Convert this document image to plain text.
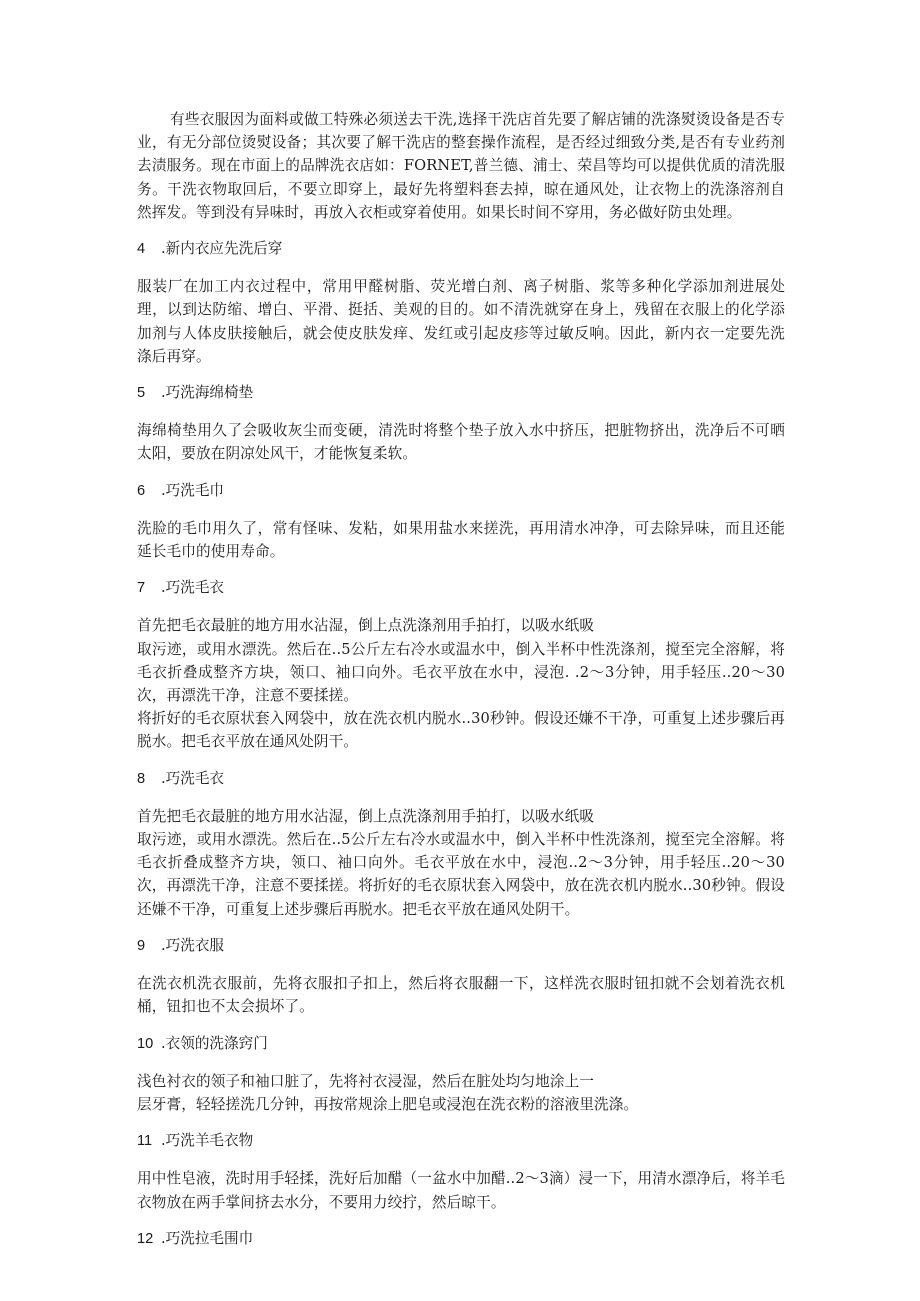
有些衣服因为面料或做工特殊必须送去干洗,选择干洗店首先要了解店铺的洗涤熨烫设备是否专业，有无分部位烫熨设备；其次要了解干洗店的整套操作流程，是否经过细致分类,是否有专业药剂去渍服务。现在市面上的品牌洗衣店如：FORNET,普兰德、浦士、荣昌等均可以提供优质的清洗服务。干洗衣物取回后，不要立即穿上，最好先将塑料套去掉，晾在通风处，让衣物上的洗涤溶剂自然挥发。等到没有异味时，再放入衣柜或穿着使用。如果长时间不穿用，务必做好防虫处理。

4 .新内衣应先洗后穿

服装厂在加工内衣过程中，常用甲醛树脂、荧光增白剂、离子树脂、浆等多种化学添加剂进展处理，以到达防缩、增白、平滑、挺括、美观的目的。如不清洗就穿在身上，残留在衣服上的化学添加剂与人体皮肤接触后，就会使皮肤发痒、发红或引起皮疹等过敏反响。因此，新内衣一定要先洗涤后再穿。

5 .巧洗海绵椅垫

海绵椅垫用久了会吸收灰尘而变硬，清洗时将整个垫子放入水中挤压，把脏物挤出，洗净后不可晒太阳，要放在阴凉处风干，才能恢复柔软。

6 .巧洗毛巾

洗脸的毛巾用久了，常有怪味、发粘，如果用盐水来搓洗，再用清水冲净，可去除异味，而且还能延长毛巾的使用寿命。

7 .巧洗毛衣

首先把毛衣最脏的地方用水沾湿，倒上点洗涤剂用手拍打，以吸水纸吸

取污迹，或用水漂洗。然后在..5公斤左右冷水或温水中，倒入半杯中性洗涤剂，搅至完全溶解，将毛衣折叠成整齐方块，领口、袖口向外。毛衣平放在水中，浸泡. .2～3分钟，用手轻压..20～30次，再漂洗干净，注意不要揉搓。

将折好的毛衣原状套入网袋中，放在洗衣机内脱水..30秒钟。假设还嫌不干净，可重复上述步骤后再脱水。把毛衣平放在通风处阴干。

8 .巧洗毛衣

首先把毛衣最脏的地方用水沾湿，倒上点洗涤剂用手拍打，以吸水纸吸

取污迹，或用水漂洗。然后在..5公斤左右冷水或温水中，倒入半杯中性洗涤剂，搅至完全溶解。将毛衣折叠成整齐方块，领口、袖口向外。毛衣平放在水中，浸泡..2～3分钟，用手轻压..20～30次，再漂洗干净，注意不要揉搓。将折好的毛衣原状套入网袋中，放在洗衣机内脱水..30秒钟。假设还嫌不干净，可重复上述步骤后再脱水。把毛衣平放在通风处阴干。

9 .巧洗衣服

在洗衣机洗衣服前，先将衣服扣子扣上，然后将衣服翻一下，这样洗衣服时钮扣就不会划着洗衣机桶，钮扣也不太会损坏了。

10 .衣领的洗涤窍门

浅色衬衣的领子和袖口脏了，先将衬衣浸湿，然后在脏处均匀地涂上一

层牙膏，轻轻搓洗几分钟，再按常规涂上肥皂或浸泡在洗衣粉的溶液里洗涤。

11 .巧洗羊毛衣物

用中性皂液，洗时用手轻揉，洗好后加醋（一盆水中加醋..2～3滴）浸一下，用清水漂净后，将羊毛衣物放在两手掌间挤去水分，不要用力绞拧，然后晾干。

12 .巧洗拉毛围巾
